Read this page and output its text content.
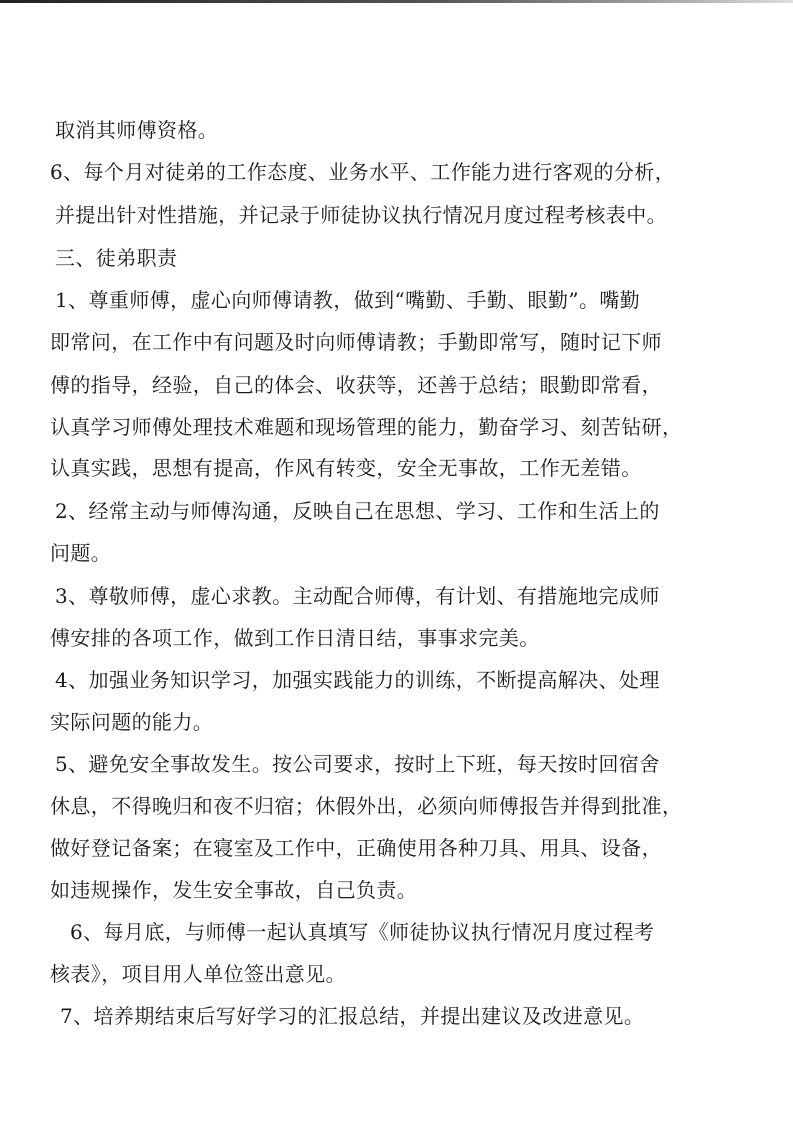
取消其师傅资格。
6、每个月对徒弟的工作态度、业务水平、工作能力进行客观的分析，
并提出针对性措施，并记录于师徒协议执行情况月度过程考核表中。
三、徒弟职责
1、尊重师傅，虚心向师傅请教，做到“嘴勤、手勤、眼勤”。嘴勤
即常问，在工作中有问题及时向师傅请教；手勤即常写，随时记下师
傅的指导，经验，自己的体会、收获等，还善于总结；眼勤即常看，
认真学习师傅处理技术难题和现场管理的能力，勤奋学习、刻苦钻研，
认真实践，思想有提高，作风有转变，安全无事故，工作无差错。
2、经常主动与师傅沟通，反映自己在思想、学习、工作和生活上的
问题。
3、尊敬师傅，虚心求教。主动配合师傅，有计划、有措施地完成师
傅安排的各项工作，做到工作日清日结，事事求完美。
4、加强业务知识学习，加强实践能力的训练，不断提高解决、处理
实际问题的能力。
5、避免安全事故发生。按公司要求，按时上下班，每天按时回宿舍
休息，不得晚归和夜不归宿；休假外出，必须向师傅报告并得到批准，
做好登记备案；在寝室及工作中，正确使用各种刀具、用具、设备，
如违规操作，发生安全事故，自己负责。
6、每月底，与师傅一起认真填写《师徒协议执行情况月度过程考
核表》，项目用人单位签出意见。
7、培养期结束后写好学习的汇报总结，并提出建议及改进意见。
